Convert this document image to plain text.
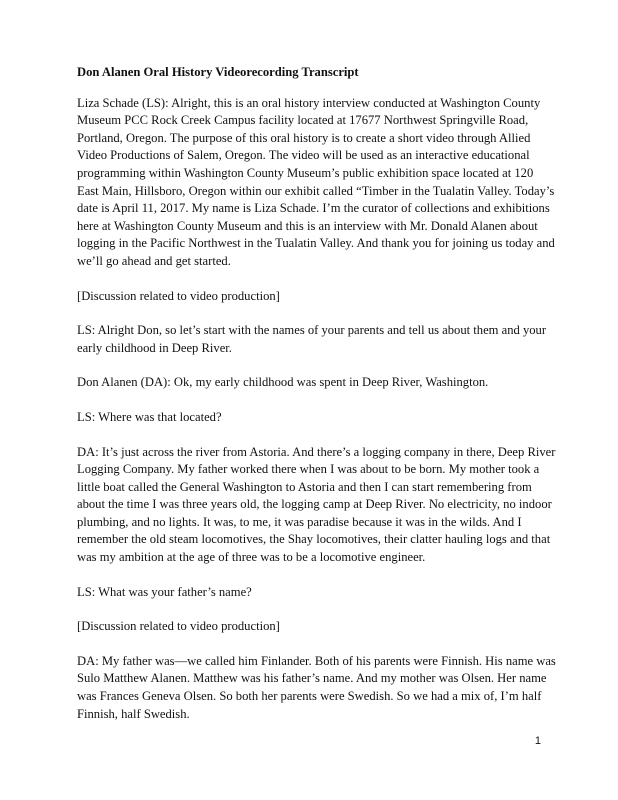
Don Alanen Oral History Videorecording Transcript

Liza Schade (LS): Alright, this is an oral history interview conducted at Washington County Museum PCC Rock Creek Campus facility located at 17677 Northwest Springville Road, Portland, Oregon. The purpose of this oral history is to create a short video through Allied Video Productions of Salem, Oregon. The video will be used as an interactive educational programming within Washington County Museum’s public exhibition space located at 120 East Main, Hillsboro, Oregon within our exhibit called “Timber in the Tualatin Valley. Today’s date is April 11, 2017. My name is Liza Schade. I’m the curator of collections and exhibitions here at Washington County Museum and this is an interview with Mr. Donald Alanen about logging in the Pacific Northwest in the Tualatin Valley. And thank you for joining us today and we’ll go ahead and get started.

[Discussion related to video production]

LS: Alright Don, so let’s start with the names of your parents and tell us about them and your early childhood in Deep River.

Don Alanen (DA): Ok, my early childhood was spent in Deep River, Washington.

LS: Where was that located?

DA: It’s just across the river from Astoria. And there’s a logging company in there, Deep River Logging Company. My father worked there when I was about to be born. My mother took a little boat called the General Washington to Astoria and then I can start remembering from about the time I was three years old, the logging camp at Deep River. No electricity, no indoor plumbing, and no lights. It was, to me, it was paradise because it was in the wilds. And I remember the old steam locomotives, the Shay locomotives, their clatter hauling logs and that was my ambition at the age of three was to be a locomotive engineer.

LS: What was your father’s name?

[Discussion related to video production]

DA: My father was—we called him Finlander. Both of his parents were Finnish. His name was Sulo Matthew Alanen. Matthew was his father’s name. And my mother was Olsen. Her name was Frances Geneva Olsen. So both her parents were Swedish. So we had a mix of, I’m half Finnish, half Swedish.

1
